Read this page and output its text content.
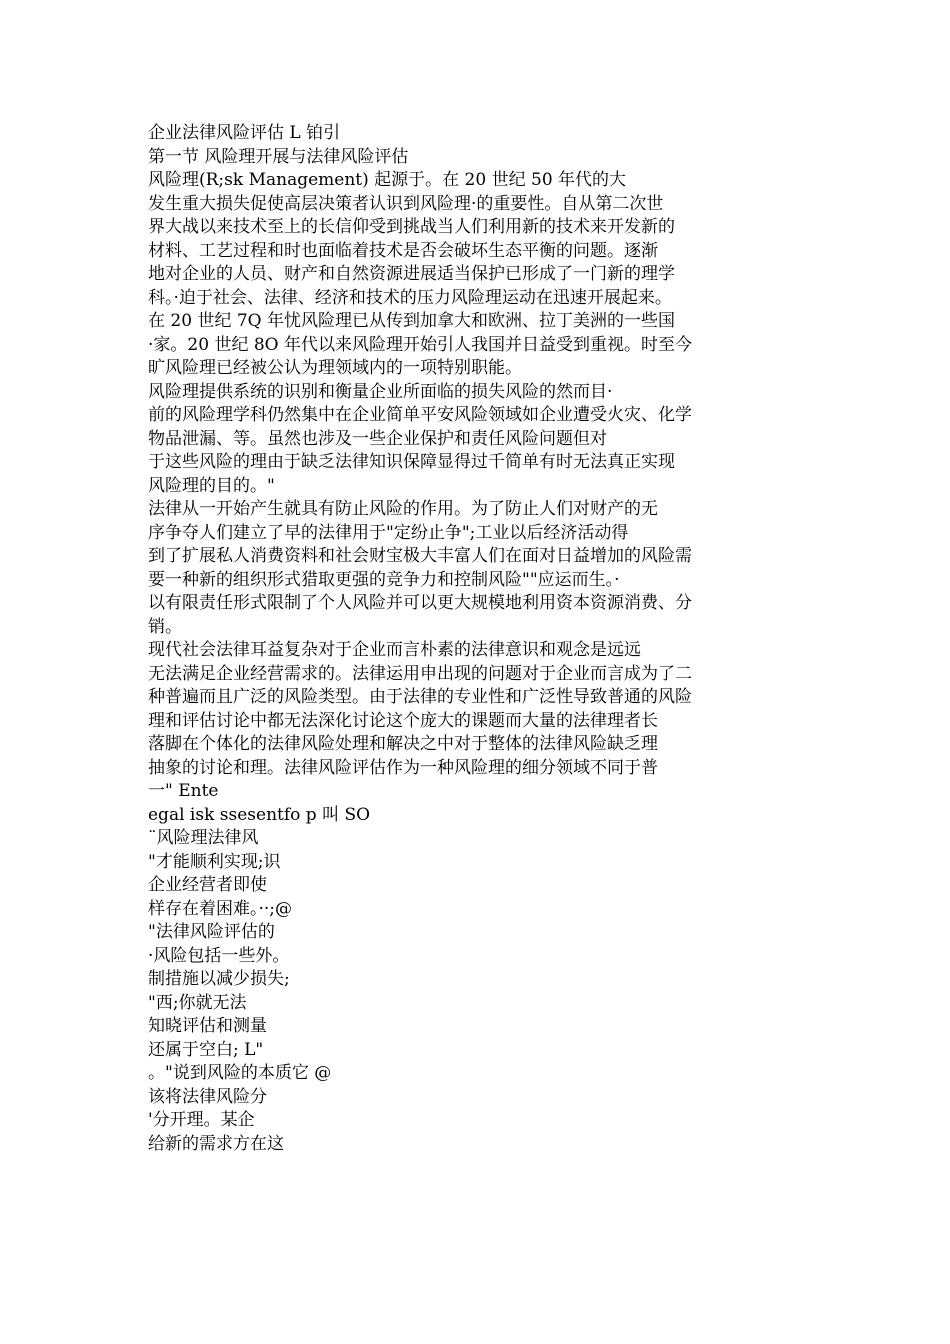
企业法律风险评估 L 铂引
第一节 风险理开展与法律风险评估
风险理(R;sk Management) 起源于。在 20 世纪 50 年代的大
发生重大损失促使高层决策者认识到风险理·的重要性。自从第二次世
界大战以来技术至上的长信仰受到挑战当人们利用新的技术来开发新的
材料、工艺过程和时也面临着技术是否会破坏生态平衡的问题。逐渐
地对企业的人员、财产和自然资源进展适当保护已形成了一门新的理学
科。·迫于社会、法律、经济和技术的压力风险理运动在迅速开展起来。
在 20 世纪 7Q 年忧风险理已从传到加拿大和欧洲、拉丁美洲的一些国
·家。20 世纪 8O 年代以来风险理开始引人我国并日益受到重视。时至今
旷风险理已经被公认为理领域内的一项特别职能。
风险理提供系统的识别和衡量企业所面临的损失风险的然而目·
前的风险理学科仍然集中在企业简单平安风险领域如企业遭受火灾、化学
物品泄漏、等。虽然也涉及一些企业保护和责任风险问题但对
于这些风险的理由于缺乏法律知识保障显得过千简单有时无法真正实现
风险理的目的。"
法律从一开始产生就具有防止风险的作用。为了防止人们对财产的无
序争夺人们建立了早的法律用于"定纷止争";工业以后经济活动得
到了扩展私人消费资料和社会财宝极大丰富人们在面对日益增加的风险需
要一种新的组织形式猎取更强的竞争力和控制风险""应运而生。·
以有限责任形式限制了个人风险并可以更大规模地利用资本资源消费、分
销。
现代社会法律耳益复杂对于企业而言朴素的法律意识和观念是远远
无法满足企业经营需求的。法律运用申出现的问题对于企业而言成为了二
种普遍而且广泛的风险类型。由于法律的专业性和广泛性导致普通的风险
理和评估讨论中都无法深化讨论这个庞大的课题而大量的法律理者长
落脚在个体化的法律风险处理和解决之中对于整体的法律风险缺乏理
抽象的讨论和理。法律风险评估作为一种风险理的细分领域不同于普
一" Ente
egal isk ssesentfo p 叫 SO
¨风险理法律风
"才能顺利实现;识
企业经营者即使
样存在着困难。··;@
"法律风险评估的
·风险包括一些外。
制措施以减少损失;
"西;你就无法
知晓评估和测量
还属于空白; L"
。"说到风险的本质它 @
该将法律风险分
'分开理。某企
给新的需求方在这
